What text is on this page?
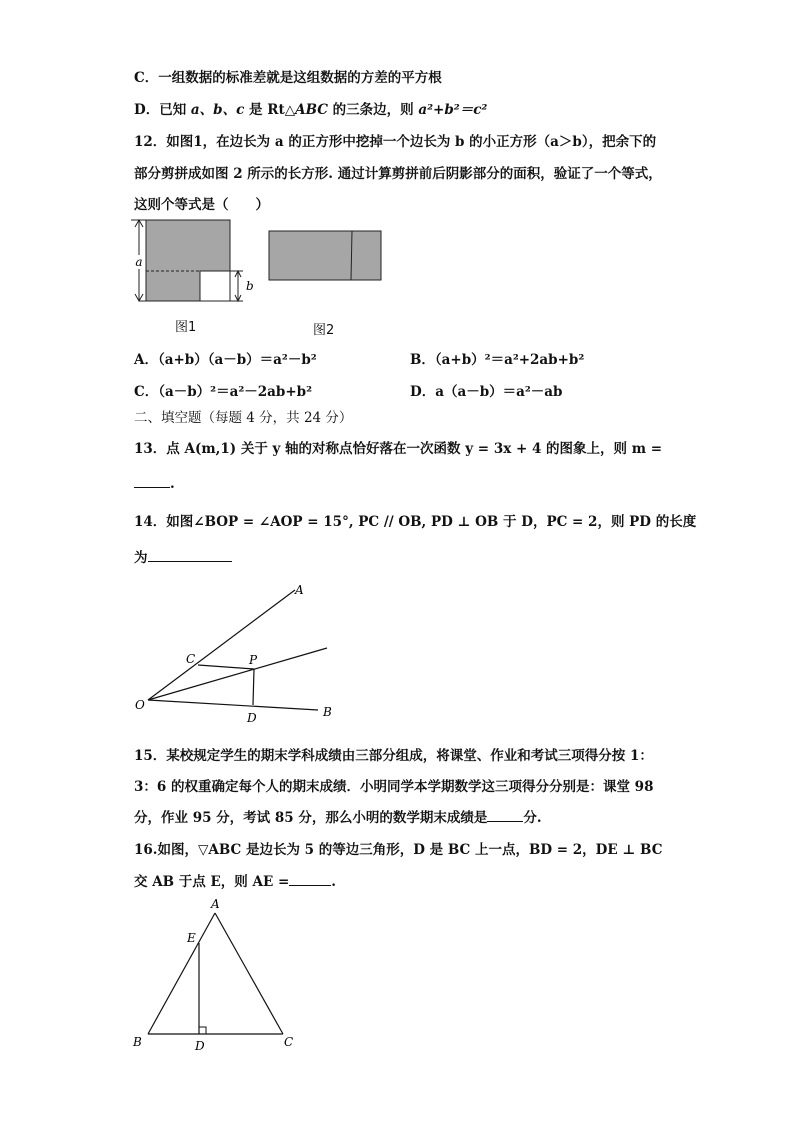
C．一组数据的标准差就是这组数据的方差的平方根
D．已知 a、b、c 是 Rt△ABC 的三条边，则 a²+b²＝c²
12．如图1，在边长为 a 的正方形中挖掉一个边长为 b 的小正方形（a＞b），把余下的
部分剪拼成如图 2 所示的长方形. 通过计算剪拼前后阴影部分的面积，验证了一个等式，
这则个等式是（　　）
a
b
图1	图2
A．（a+b）（a－b）＝a²－b²	B．（a+b）²＝a²+2ab+b²
C．（a－b）²＝a²－2ab+b²	D．a（a－b）＝a²－ab
二、填空题（每题 4 分，共 24 分）
13．点 A(m,1) 关于 y 轴的对称点恰好落在一次函数 y = 3x + 4 的图象上，则 m =
.
14．如图∠BOP = ∠AOP = 15°, PC // OB, PD ⊥ OB 于 D，PC = 2，则 PD 的长度
为
A
C	P
O
D	B
15．某校规定学生的期末学科成绩由三部分组成，将课堂、作业和考试三项得分按 1：
3：6 的权重确定每个人的期末成绩．小明同学本学期数学这三项得分分别是：课堂 98
分，作业 95 分，考试 85 分，那么小明的数学期末成绩是	分.
16.如图，▽ABC 是边长为 5 的等边三角形，D 是 BC 上一点，BD = 2，DE ⊥ BC
交 AB 于点 E，则 AE =	.
A
E
B	D	C
